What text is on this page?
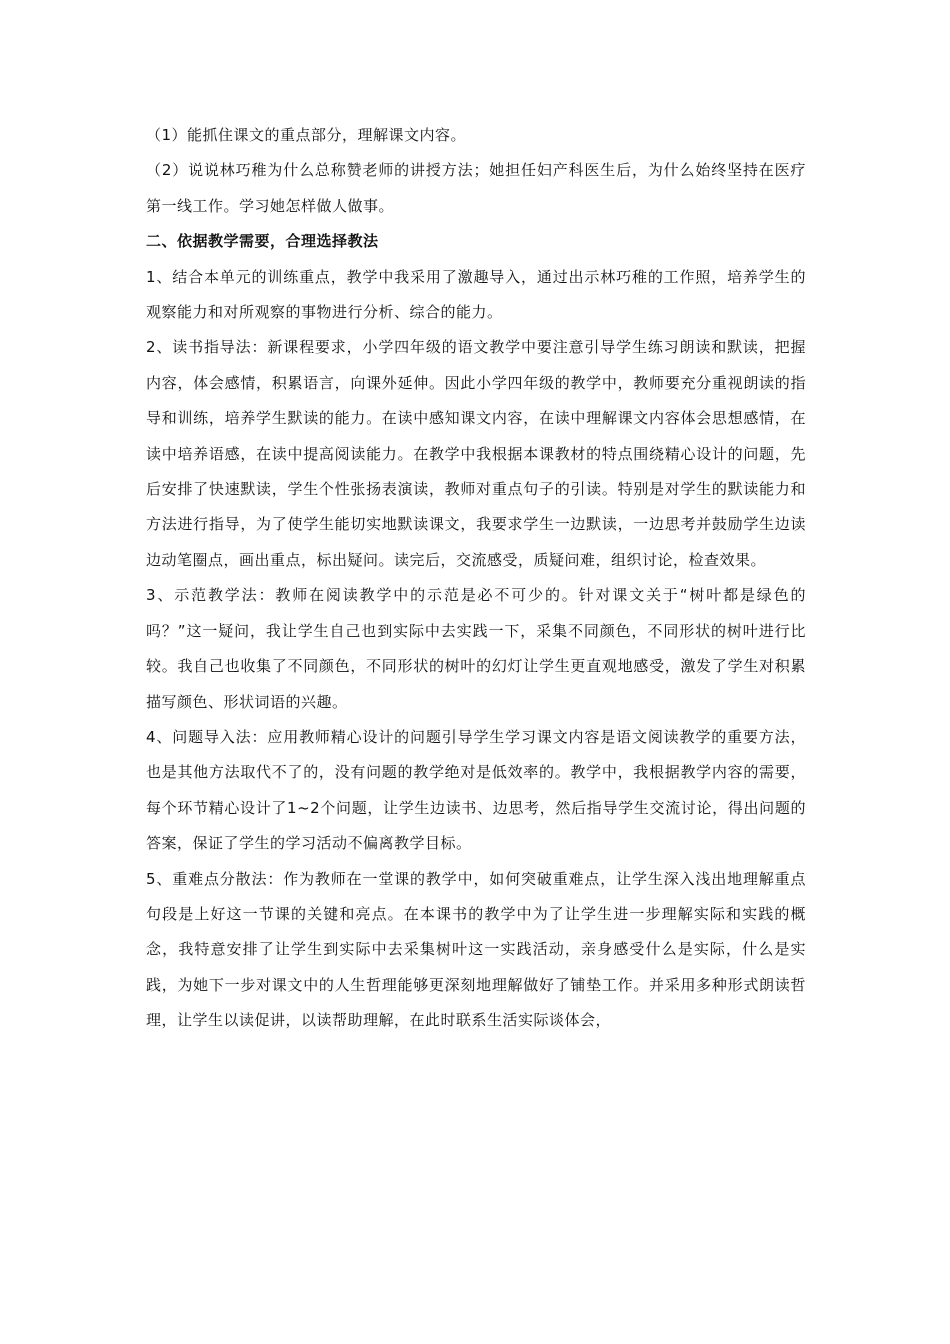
（1）能抓住课文的重点部分，理解课文内容。

（2）说说林巧稚为什么总称赞老师的讲授方法；她担任妇产科医生后，为什么始终坚持在医疗第一线工作。学习她怎样做人做事。

二、依据教学需要，合理选择教法

1、结合本单元的训练重点，教学中我采用了激趣导入，通过出示林巧稚的工作照，培养学生的观察能力和对所观察的事物进行分析、综合的能力。

2、读书指导法：新课程要求，小学四年级的语文教学中要注意引导学生练习朗读和默读，把握内容，体会感情，积累语言，向课外延伸。因此小学四年级的教学中，教师要充分重视朗读的指导和训练，培养学生默读的能力。在读中感知课文内容，在读中理解课文内容体会思想感情，在读中培养语感，在读中提高阅读能力。在教学中我根据本课教材的特点围绕精心设计的问题，先后安排了快速默读，学生个性张扬表演读，教师对重点句子的引读。特别是对学生的默读能力和方法进行指导，为了使学生能切实地默读课文，我要求学生一边默读，一边思考并鼓励学生边读边动笔圈点，画出重点，标出疑问。读完后，交流感受，质疑问难，组织讨论，检查效果。

3、示范教学法：教师在阅读教学中的示范是必不可少的。针对课文关于“树叶都是绿色的吗？”这一疑问，我让学生自己也到实际中去实践一下，采集不同颜色，不同形状的树叶进行比较。我自己也收集了不同颜色，不同形状的树叶的幻灯让学生更直观地感受，激发了学生对积累描写颜色、形状词语的兴趣。

4、问题导入法：应用教师精心设计的问题引导学生学习课文内容是语文阅读教学的重要方法，也是其他方法取代不了的，没有问题的教学绝对是低效率的。教学中，我根据教学内容的需要，每个环节精心设计了1~2个问题，让学生边读书、边思考，然后指导学生交流讨论，得出问题的答案，保证了学生的学习活动不偏离教学目标。

5、重难点分散法：作为教师在一堂课的教学中，如何突破重难点，让学生深入浅出地理解重点句段是上好这一节课的关键和亮点。在本课书的教学中为了让学生进一步理解实际和实践的概念，我特意安排了让学生到实际中去采集树叶这一实践活动，亲身感受什么是实际，什么是实践，为她下一步对课文中的人生哲理能够更深刻地理解做好了铺垫工作。并采用多种形式朗读哲理，让学生以读促讲，以读帮助理解，在此时联系生活实际谈体会，
